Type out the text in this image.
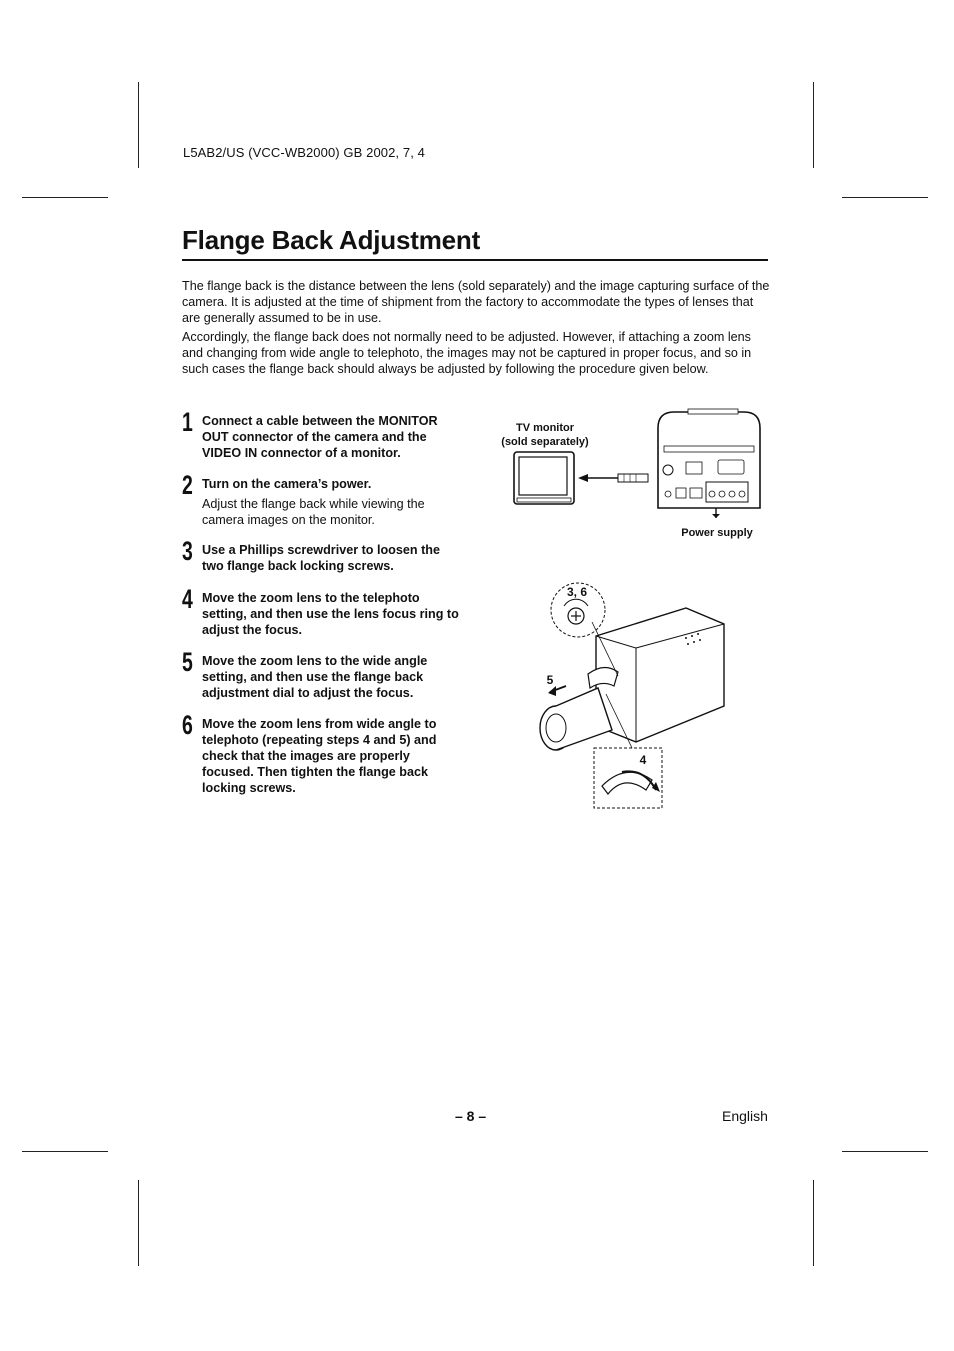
L5AB2/US (VCC-WB2000) GB 2002, 7, 4
Flange Back Adjustment

The flange back is the distance between the lens (sold separately) and the image capturing surface of the camera. It is adjusted at the time of shipment from the factory to accommodate the types of lenses that are generally assumed to be in use.

Accordingly, the flange back does not normally need to be adjusted. However, if attaching a zoom lens and changing from wide angle to telephoto, the images may not be captured in proper focus, and so in such cases the flange back should always be adjusted by following the procedure given below.

1 Connect a cable between the MONITOR OUT connector of the camera and the VIDEO IN connector of a monitor.
2 Turn on the camera’s power.
Adjust the flange back while viewing the camera images on the monitor.
3 Use a Phillips screwdriver to loosen the two flange back locking screws.
4 Move the zoom lens to the telephoto setting, and then use the lens focus ring to adjust the focus.
5 Move the zoom lens to the wide angle setting, and then use the flange back adjustment dial to adjust the focus.
6 Move the zoom lens from wide angle to telephoto (repeating steps 4 and 5) and check that the images are properly focused. Then tighten the flange back locking screws.
TV monitor
(sold separately)
Power supply
3, 6
5
4
– 8 –	English
